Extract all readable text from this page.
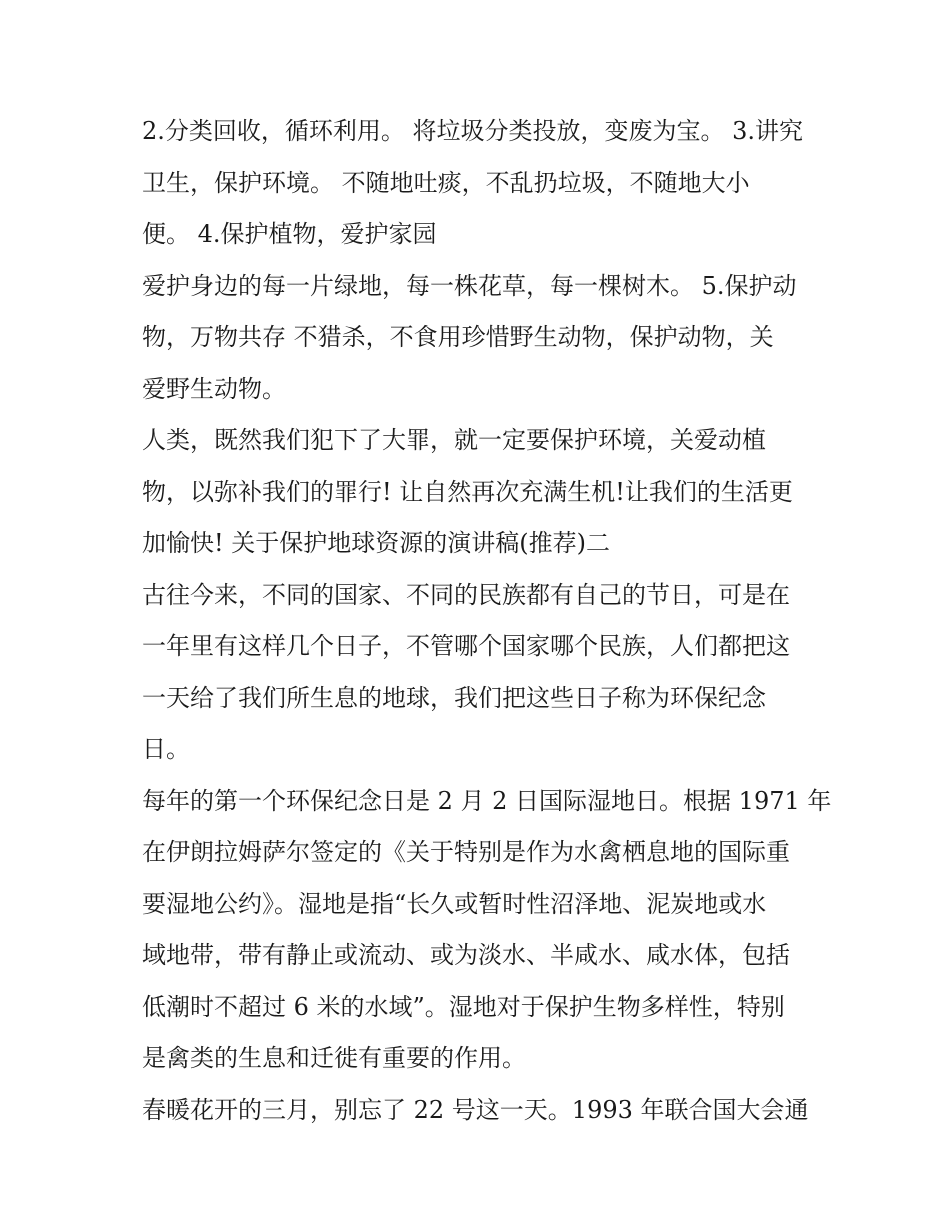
2.分类回收，循环利用。 将垃圾分类投放，变废为宝。 3.讲究
卫生，保护环境。 不随地吐痰，不乱扔垃圾，不随地大小
便。 4.保护植物，爱护家园
爱护身边的每一片绿地，每一株花草，每一棵树木。 5.保护动
物，万物共存 不猎杀，不食用珍惜野生动物，保护动物，关
爱野生动物。
人类，既然我们犯下了大罪，就一定要保护环境，关爱动植
物，以弥补我们的罪行! 让自然再次充满生机!让我们的生活更
加愉快! 关于保护地球资源的演讲稿(推荐)二
古往今来，不同的国家、不同的民族都有自己的节日，可是在
一年里有这样几个日子，不管哪个国家哪个民族，人们都把这
一天给了我们所生息的地球，我们把这些日子称为环保纪念
日。
每年的第一个环保纪念日是 2 月 2 日国际湿地日。根据 1971 年
在伊朗拉姆萨尔签定的《关于特别是作为水禽栖息地的国际重
要湿地公约》。湿地是指“长久或暂时性沼泽地、泥炭地或水
域地带，带有静止或流动、或为淡水、半咸水、咸水体，包括
低潮时不超过 6 米的水域”。湿地对于保护生物多样性，特别
是禽类的生息和迁徙有重要的作用。
春暖花开的三月，别忘了 22 号这一天。1993 年联合国大会通
